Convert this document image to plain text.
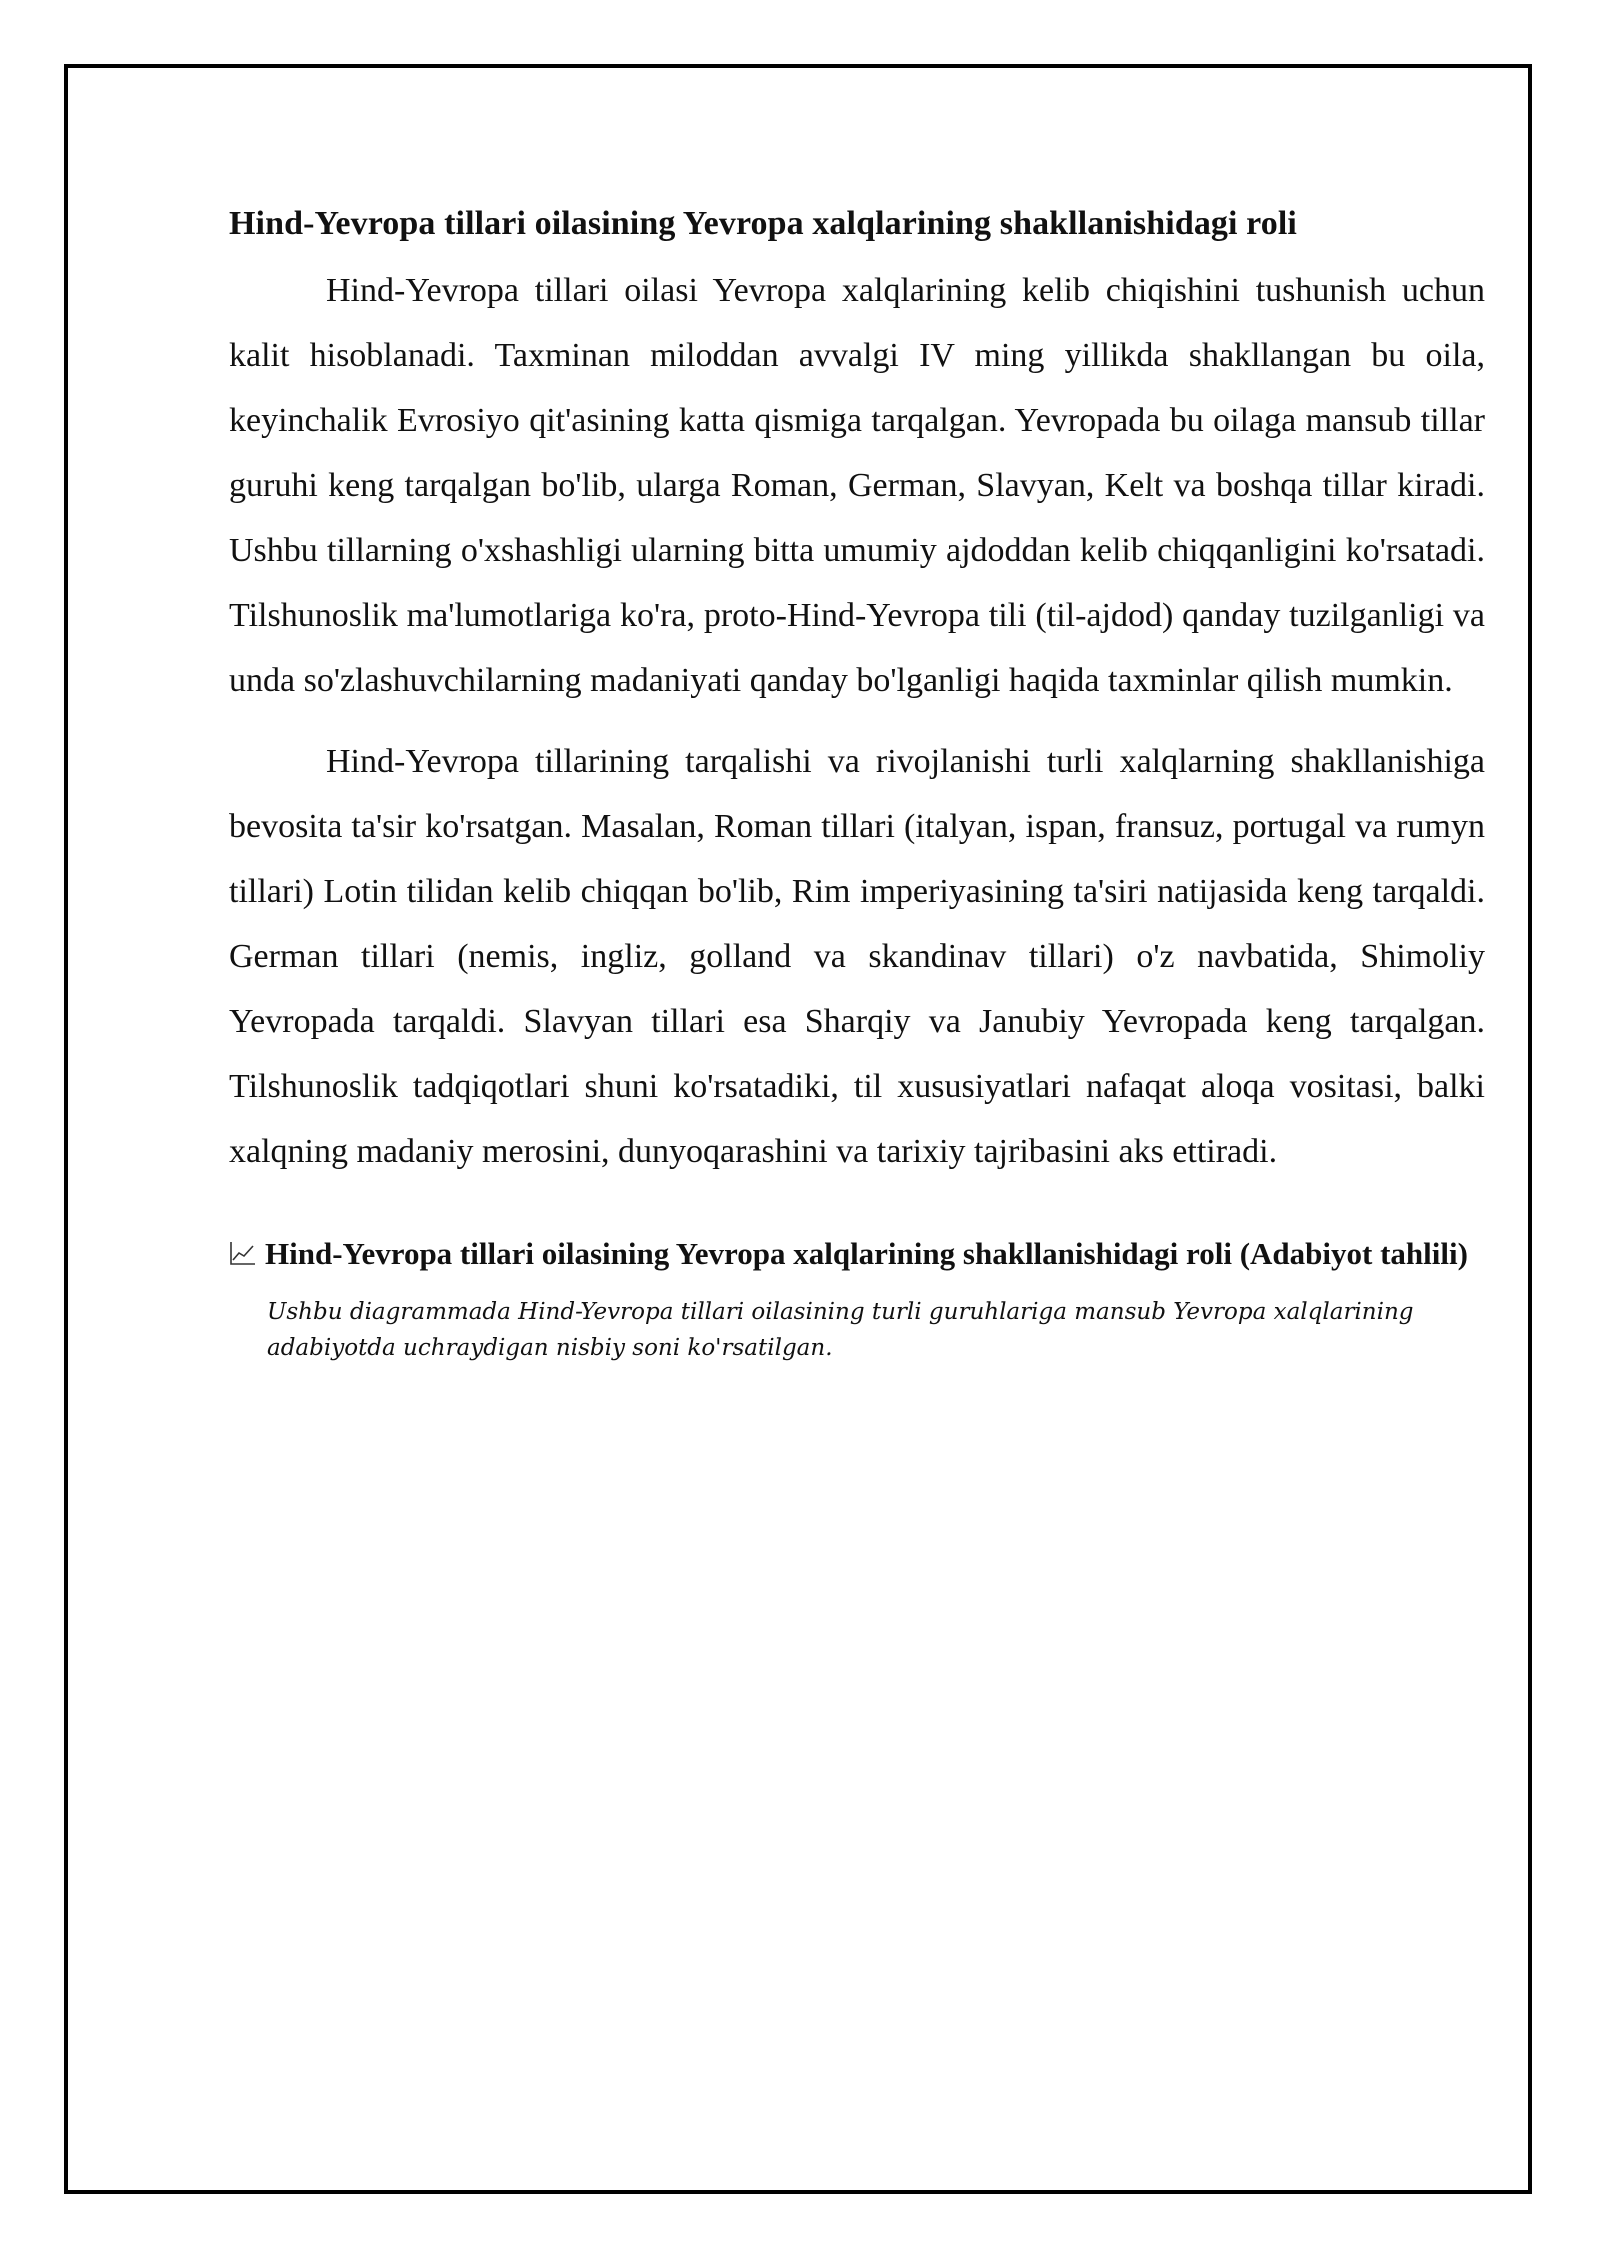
Hind-Yevropa tillari oilasining Yevropa xalqlarining shakllanishidagi roli

Hind-Yevropa tillari oilasi Yevropa xalqlarining kelib chiqishini tushunish uchun kalit hisoblanadi. Taxminan miloddan avvalgi IV ming yillikda shakllangan bu oila, keyinchalik Evrosiyo qit'asining katta qismiga tarqalgan. Yevropada bu oilaga mansub tillar guruhi keng tarqalgan bo'lib, ularga Roman, German, Slavyan, Kelt va boshqa tillar kiradi. Ushbu tillarning o'xshashligi ularning bitta umumiy ajdoddan kelib chiqqanligini ko'rsatadi. Tilshunoslik ma'lumotlariga ko'ra, proto-Hind-Yevropa tili (til-ajdod) qanday tuzilganligi va unda so'zlashuvchilarning madaniyati qanday bo'lganligi haqida taxminlar qilish mumkin.

Hind-Yevropa tillarining tarqalishi va rivojlanishi turli xalqlarning shakllanishiga bevosita ta'sir ko'rsatgan. Masalan, Roman tillari (italyan, ispan, fransuz, portugal va rumyn tillari) Lotin tilidan kelib chiqqan bo'lib, Rim imperiyasining ta'siri natijasida keng tarqaldi. German tillari (nemis, ingliz, golland va skandinav tillari) o'z navbatida, Shimoliy Yevropada tarqaldi. Slavyan tillari esa Sharqiy va Janubiy Yevropada keng tarqalgan. Tilshunoslik tadqiqotlari shuni ko'rsatadiki, til xususiyatlari nafaqat aloqa vositasi, balki xalqning madaniy merosini, dunyoqarashini va tarixiy tajribasini aks ettiradi.

Hind-Yevropa tillari oilasining Yevropa xalqlarining shakllanishidagi roli (Adabiyot tahlili)
Ushbu diagrammada Hind-Yevropa tillari oilasining turli guruhlariga mansub Yevropa xalqlarining adabiyotda uchraydigan nisbiy soni ko'rsatilgan.
